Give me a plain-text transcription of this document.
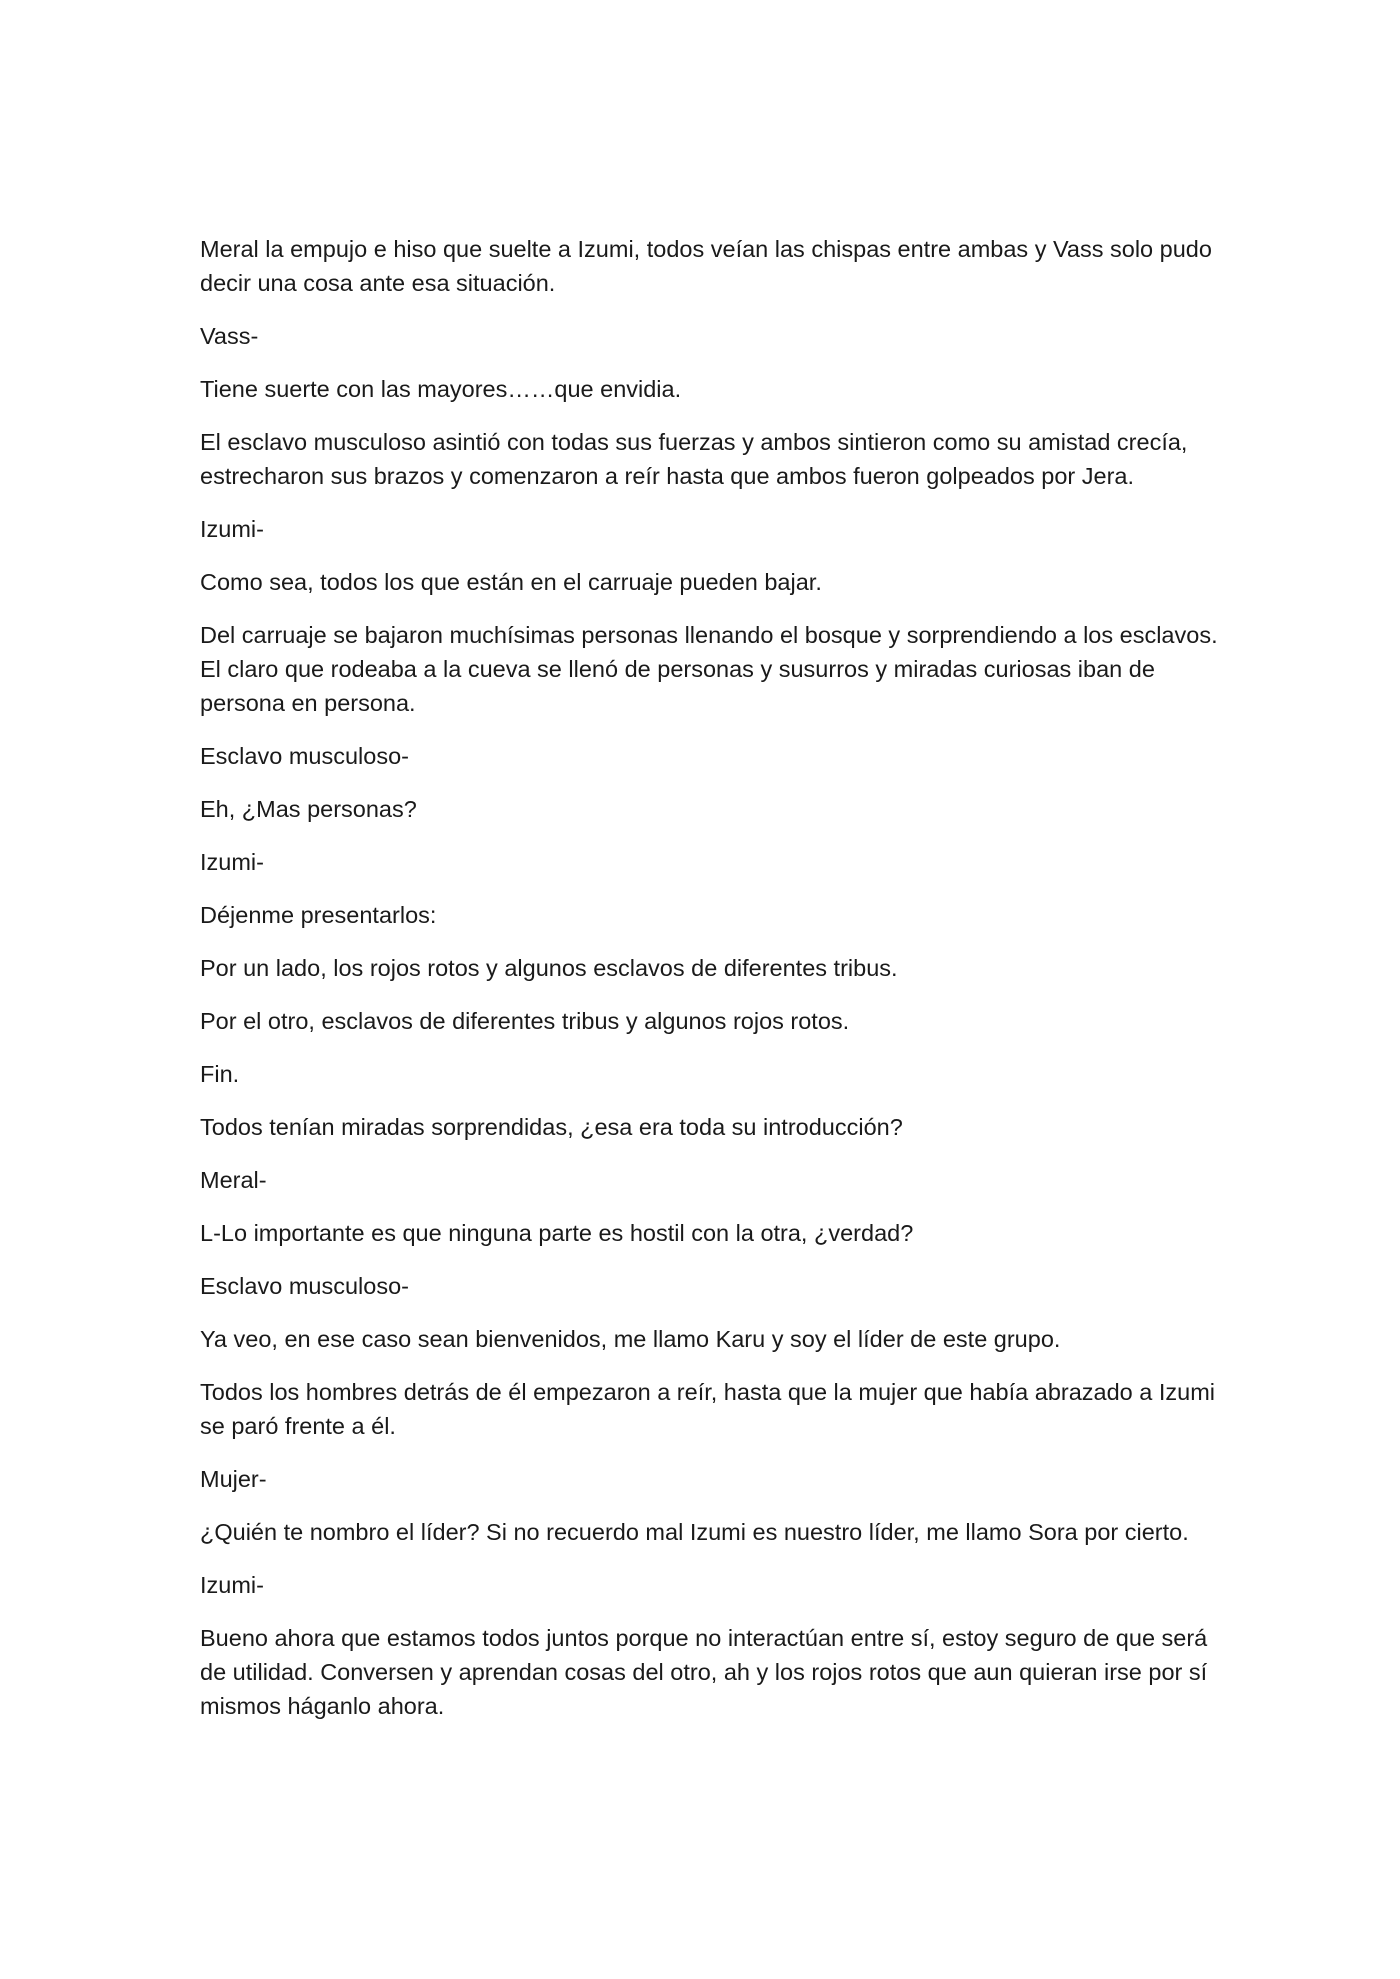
Meral la empujo e hiso que suelte a Izumi, todos veían las chispas entre ambas y Vass solo pudo decir una cosa ante esa situación.

Vass-

Tiene suerte con las mayores……que envidia.

El esclavo musculoso asintió con todas sus fuerzas y ambos sintieron como su amistad crecía, estrecharon sus brazos y comenzaron a reír hasta que ambos fueron golpeados por Jera.

Izumi-

Como sea, todos los que están en el carruaje pueden bajar.

Del carruaje se bajaron muchísimas personas llenando el bosque y sorprendiendo a los esclavos. El claro que rodeaba a la cueva se llenó de personas y susurros y miradas curiosas iban de persona en persona.

Esclavo musculoso-

Eh, ¿Mas personas?

Izumi-

Déjenme presentarlos:

Por un lado, los rojos rotos y algunos esclavos de diferentes tribus.

Por el otro, esclavos de diferentes tribus y algunos rojos rotos.

Fin.

Todos tenían miradas sorprendidas, ¿esa era toda su introducción?

Meral-

L-Lo importante es que ninguna parte es hostil con la otra, ¿verdad?

Esclavo musculoso-

Ya veo, en ese caso sean bienvenidos, me llamo Karu y soy el líder de este grupo.

Todos los hombres detrás de él empezaron a reír, hasta que la mujer que había abrazado a Izumi se paró frente a él.

Mujer-

¿Quién te nombro el líder? Si no recuerdo mal Izumi es nuestro líder, me llamo Sora por cierto.

Izumi-

Bueno ahora que estamos todos juntos porque no interactúan entre sí, estoy seguro de que será de utilidad. Conversen y aprendan cosas del otro, ah y los rojos rotos que aun quieran irse por sí mismos háganlo ahora.
